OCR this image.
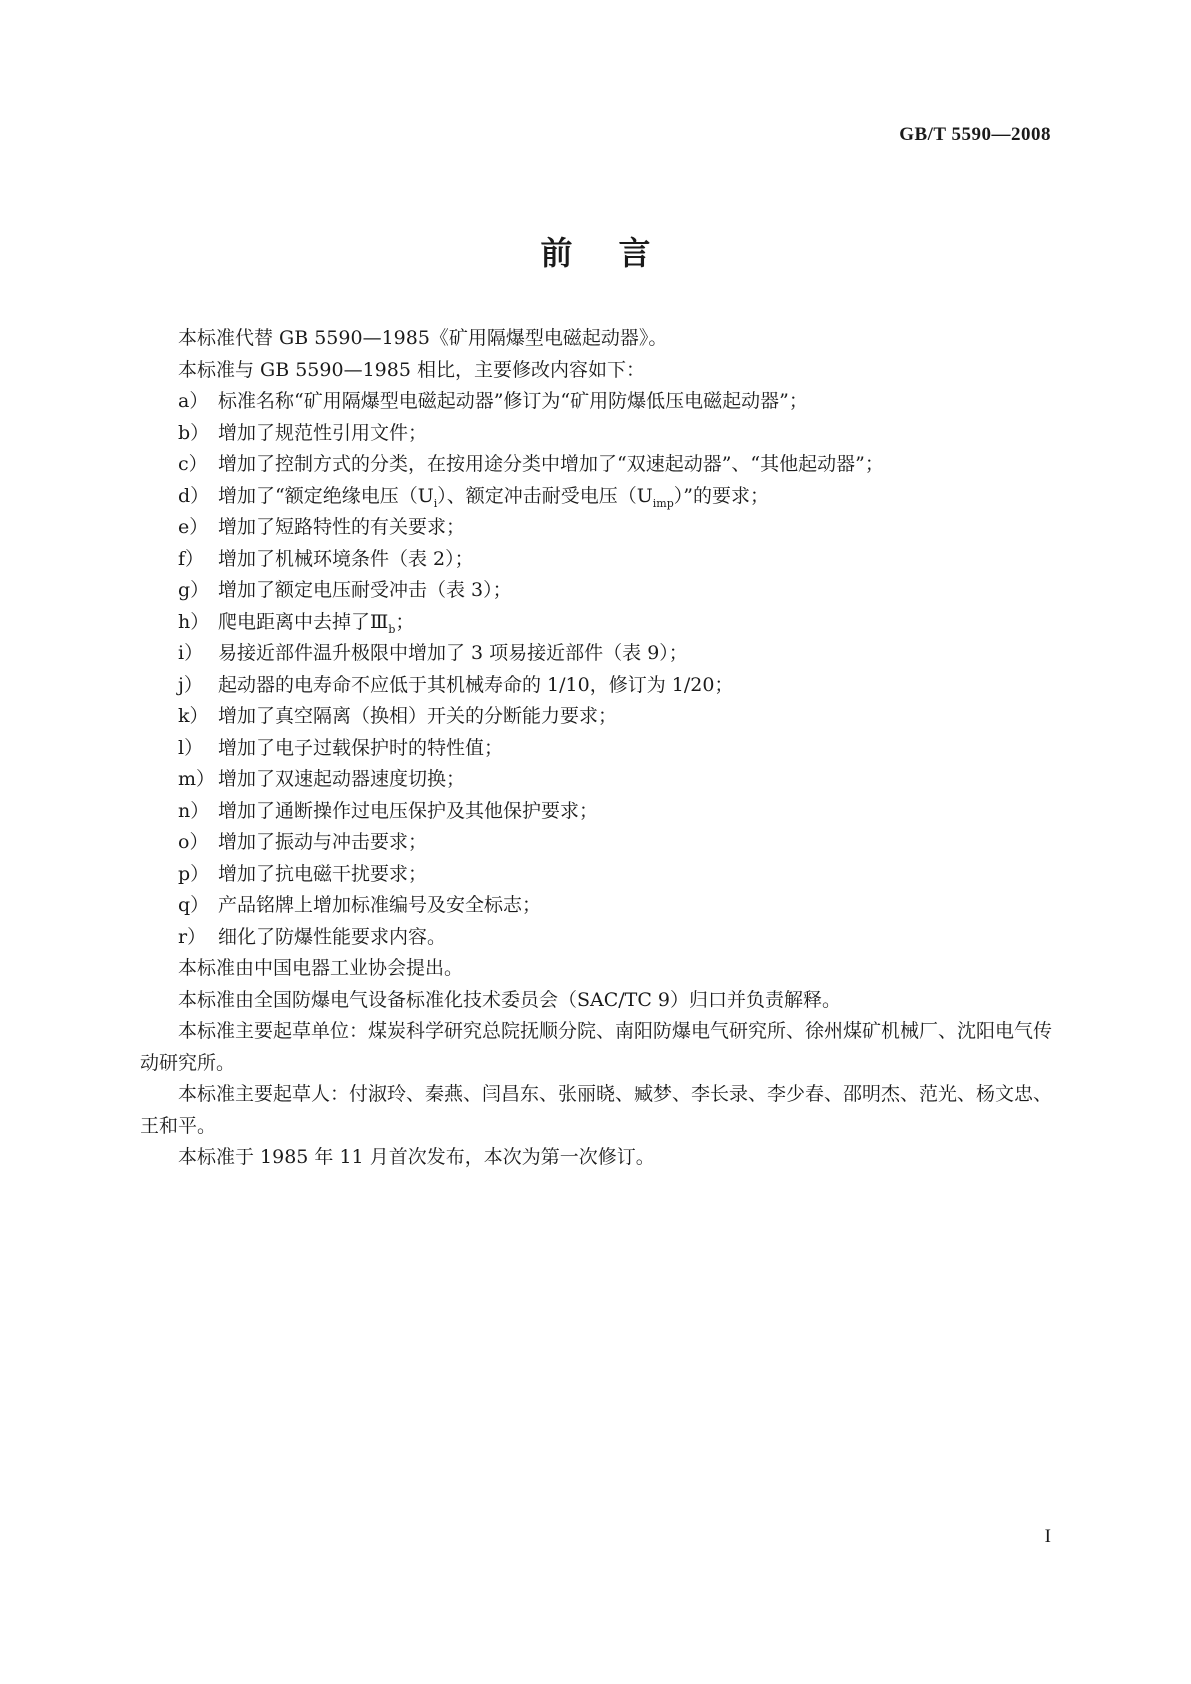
GB/T 5590—2008
前言

本标准代替 GB 5590—1985《矿用隔爆型电磁起动器》。

本标准与 GB 5590—1985 相比，主要修改内容如下：

a） 标准名称“矿用隔爆型电磁起动器”修订为“矿用防爆低压电磁起动器”；
b） 增加了规范性引用文件；
c） 增加了控制方式的分类，在按用途分类中增加了“双速起动器”、“其他起动器”；
d） 增加了“额定绝缘电压$(U_i)$、额定冲击耐受电压$(U_{imp})$”的要求；
e） 增加了短路特性的有关要求；
f） 增加了机械环境条件（表 2）；
g） 增加了额定电压耐受冲击（表 3）；
h） 爬电距离中去掉了$Ⅲ_b$；
i） 易接近部件温升极限中增加了 3 项易接近部件（表 9）；
j） 起动器的电寿命不应低于其机械寿命的 1/10，修订为 1/20；
k） 增加了真空隔离（换相）开关的分断能力要求；
l） 增加了电子过载保护时的特性值；
m） 增加了双速起动器速度切换；
n） 增加了通断操作过电压保护及其他保护要求；
o） 增加了振动与冲击要求；
p） 增加了抗电磁干扰要求；
q） 产品铭牌上增加标准编号及安全标志；
r） 细化了防爆性能要求内容。

本标准由中国电器工业协会提出。

本标准由全国防爆电气设备标准化技术委员会（SAC/TC 9）归口并负责解释。

本标准主要起草单位：煤炭科学研究总院抚顺分院、南阳防爆电气研究所、徐州煤矿机械厂、沈阳电气传动研究所。

本标准主要起草人：付淑玲、秦燕、闫昌东、张丽晓、臧梦、李长录、李少春、邵明杰、范光、杨文忠、王和平。

本标准于 1985 年 11 月首次发布，本次为第一次修订。

I
